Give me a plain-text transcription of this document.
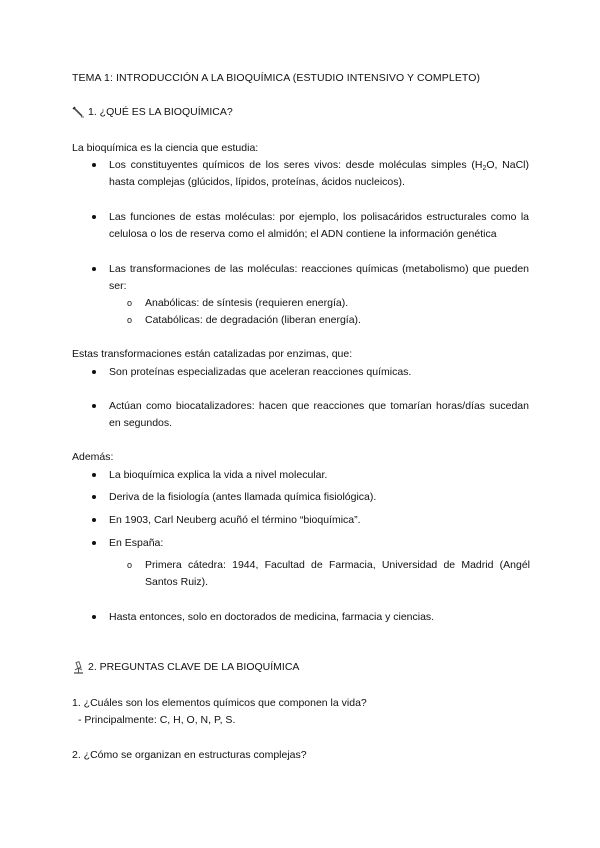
TEMA 1: INTRODUCCIÓN A LA BIOQUÍMICA (ESTUDIO INTENSIVO Y COMPLETO)
1. ¿QUÉ ES LA BIOQUÍMICA?
La bioquímica es la ciencia que estudia:
Los constituyentes químicos de los seres vivos: desde moléculas simples ($H_2O$, NaCl) hasta complejas (glúcidos, lípidos, proteínas, ácidos nucleicos).
Las funciones de estas moléculas: por ejemplo, los polisacáridos estructurales como la celulosa o los de reserva como el almidón; el ADN contiene la información genética
Las transformaciones de las moléculas: reacciones químicas (metabolismo) que pueden ser:
o Anabólicas: de síntesis (requieren energía).
o Catabólicas: de degradación (liberan energía).
Estas transformaciones están catalizadas por enzimas, que:
Son proteínas especializadas que aceleran reacciones químicas.
Actúan como biocatalizadores: hacen que reacciones que tomarían horas/días sucedan en segundos.
Además:
La bioquímica explica la vida a nivel molecular.
Deriva de la fisiología (antes llamada química fisiológica).
En 1903, Carl Neuberg acuñó el término “bioquímica”.
En España:
o Primera cátedra: 1944, Facultad de Farmacia, Universidad de Madrid (Angél Santos Ruiz).
Hasta entonces, solo en doctorados de medicina, farmacia y ciencias.
2. PREGUNTAS CLAVE DE LA BIOQUÍMICA
1. ¿Cuáles son los elementos químicos que componen la vida?
- Principalmente: C, H, O, N, P, S.
2. ¿Cómo se organizan en estructuras complejas?
